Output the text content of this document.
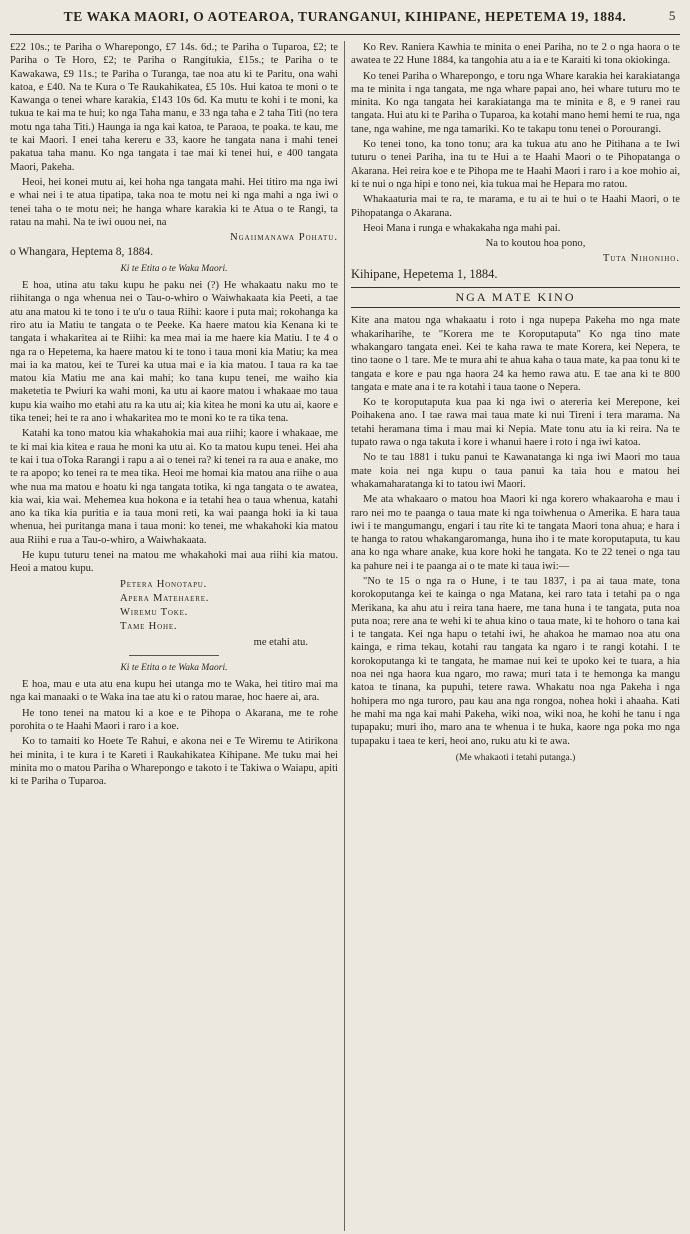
TE WAKA MAORI, O AOTEAROA, TURANGANUI, KIHIPANE, HEPETEMA 19, 1884.	5

£22 10s.; te Pariha o Wharepongo, £7 14s. 6d.; te Pariha o Tuparoa, £2; te Pariha o Te Horo, £2; te Pariha o Rangitukia, £15s.; te Pariha o te Kawakawa, £9 11s.; te Pariha o Turanga, tae noa atu ki te Paritu, ona wahi katoa, e £40. Na te Kura o Te Raukahikatea, £5 10s. Hui katoa te moni o te Kawanga o tenei whare karakia, £143 10s 6d. Ka mutu te kohi i te moni, ka tukua te kai ma te hui; ko nga Taha manu, e 33 nga taha e 2 taha Titi (no tera motu nga taha Titi.) Haunga ia nga kai katoa, te Paraoa, te poaka. te kau, me te kai Maori. I enei taha kereru e 33, kaore he tangata nana i mahi tenei pakatua taha manu. Ko nga tangata i tae mai ki tenei hui, e 400 tangata Maori, Pakeha.

Heoi, hei konei mutu ai, kei hoha nga tangata mahi. Hei titiro ma nga iwi e whai nei i te atua tipatipa, taka noa te motu nei ki nga mahi a nga iwi o tenei taha o te motu nei; he hanga whare karakia ki te Atua o te Rangi, ta ratau na mahi. Na te iwi ouou nei, na

Ngaiimanawa Pohatu.

o Whangara, Heptema 8, 1884.

Ki te Etita o te Waka Maori.

E hoa, utina atu taku kupu he paku nei (?) He whakaatu naku mo te riihitanga o nga whenua nei o Tau-o-whiro o Waiwhakaata kia Peeti, a tae atu ana matou ki te tono i te u'u o taua Riihi: kaore i puta mai; rokohanga ka riro atu ia Matiu te tangata o te Peeke. Ka haere matou kia Kenana ki te tangata i whakaritea ai te Riihi: ka mea mai ia me haere kia Matiu. I te 4 o nga ra o Hepetema, ka haere matou ki te tono i taua moni kia Matiu; ka mea mai ia ka matou, kei te Turei ka utua mai e ia kia matou. I taua ra ka tae matou kia Matiu me ana kai mahi; ko tana kupu tenei, me waiho kia maketetia te Pwiuri ka wahi moni, ka utu ai kaore matou i whakaae mo taua kupu kia waiho mo etahi atu ra ka utu ai; kia kitea he moni ka utu ai, kaore e tika tenei; hei te ra ano i whakaritea mo te moni ko te ra tika tena.

Katahi ka tono matou kia whakahokia mai aua riihi; kaore i whakaae, me te ki mai kia kitea e raua he moni ka utu ai. Ko ta matou kupu tenei. Hei aha te kai i tua oToka Rarangi i rapu a ai o tenei ra? ki tenei ra ra aua e anake, mo te ra apopo; ko tenei ra te mea tika. Heoi me homai kia matou ana riihe o aua whe nua ma matou e hoatu ki nga tangata totika, ki nga tangata o te awatea, kia wai, kia wai. Mehemea kua hokona e ia tetahi hea o taua whenua, katahi ano ka tika kia puritia e ia taua moni reti, ka wai paanga hoki ia ki taua whenua, hei puritanga mana i taua moni: ko tenei, me whakahoki kia matou aua Riihi e rua a Tau-o-whiro, a Waiwhakaata.

He kupu tuturu tenei na matou me whakahoki mai aua riihi kia matou. Heoi a matou kupu.

Petera Honotapu.
Apera Matehaere.
Wiremu Toke.
Tame Hohe.

me etahi atu.

Ki te Etita o te Waka Maori.

E hoa, mau e uta atu ena kupu hei utanga mo te Waka, hei titiro mai ma nga kai manaaki o te Waka ina tae atu ki o ratou marae, hoc haere ai, ara.

He tono tenei na matou ki a koe e te Pihopa o Akarana, me te rohe porohita o te Haahi Maori i raro i a koe.

Ko to tamaiti ko Hoete Te Rahui, e akona nei e Te Wiremu te Atirikona hei minita, i te kura i te Kareti i Raukahikatea Kihipane. Me tuku mai hei minita mo o matou Pariha o Wharepongo e takoto i te Takiwa o Waiapu, apiti ki te Pariha o Tuparoa.

Ko Rev. Raniera Kawhia te minita o enei Pariha, no te 2 o nga haora o te awatea te 22 Hune 1884, ka tangohia atu a ia e te Karaiti ki tona okiokinga.

Ko tenei Pariha o Wharepongo, e toru nga Whare karakia hei karakiatanga ma te minita i nga tangata, me nga whare papai ano, hei whare tuturu mo te minita. Ko nga tangata hei karakiatanga ma te minita e 8, e 9 ranei rau tangata. Hui atu ki te Pariha o Tuparoa, ka kotahi mano hemi hemi te rua, nga tane, nga wahine, me nga tamariki. Ko te takapu tonu tenei o Porourangi.

Ko tenei tono, ka tono tonu; ara ka tukua atu ano he Pitihana a te Iwi tuturu o tenei Pariha, ina tu te Hui a te Haahi Maori o te Pihopatanga o Akarana. Hei reira koe e te Pihopa me te Haahi Maori i raro i a koe mohio ai, ki te nui o nga hipi e tono nei, kia tukua mai he Hepara mo ratou.

Whakaaturia mai te ra, te marama, e tu ai te hui o te Haahi Maori, o te Pihopatanga o Akarana.

Heoi Mana i runga e whakakaha nga mahi pai.

Na to koutou hoa pono,

Tuta Nihoniho.

Kihipane, Hepetema 1, 1884.

NGA MATE KINO

Kite ana matou nga whakaatu i roto i nga nupepa Pakeha mo nga mate whakariharihe, te "Korera me te Koroputaputa" Ko nga tino mate whakangaro tangata enei. Kei te kaha rawa te mate Korera, kei Nepera, te tino taone o 1 tare. Me te mura ahi te ahua kaha o taua mate, ka paa tonu ki te tangata e kore e pau nga haora 24 ka hemo rawa atu. E tae ana ki te 800 tangata e mate ana i te ra kotahi i taua taone o Nepera.

Ko te koroputaputa kua paa ki nga iwi o atereria kei Merepone, kei Poihakena ano. I tae rawa mai taua mate ki nui Tireni i tera marama. Na tetahi heramana tima i mau mai ki Nepia. Mate tonu atu ia ki reira. Na te tupato rawa o nga takuta i kore i whanui haere i roto i nga iwi katoa.

No te tau 1881 i tuku panui te Kawanatanga ki nga iwi Maori mo taua mate koia nei nga kupu o taua panui ka taia hou e matou hei whakamaharatanga ki to tatou iwi Maori.

Me ata whakaaro o matou hoa Maori ki nga korero whakaaroha e mau i raro nei mo te paanga o taua mate ki nga toiwhenua o Amerika. E hara taua iwi i te mangumangu, engari i tau rite ki te tangata Maori tona ahua; e hara i te hanga to ratou whakangaromanga, huna iho i te mate koroputaputa, tu kau ana ko nga whare anake, kua kore hoki he tangata. Ko te 22 tenei o nga tau ka pahure nei i te paanga ai o te mate ki taua iwi:—

"No te 15 o nga ra o Hune, i te tau 1837, i pa ai taua mate, tona korokoputanga kei te kainga o nga Matana, kei raro tata i tetahi pa o nga Merikana, ka ahu atu i reira tana haere, me tana huna i te tangata, puta noa puta noa; rere ana te wehi ki te ahua kino o taua mate, ki te hohoro o tana kai i te tangata. Kei nga hapu o tetahi iwi, he ahakoa he mamao noa atu ona kainga, e rima tekau, kotahi rau tangata ka ngaro i te rangi kotahi. I te korokoputanga ki te tangata, he mamae nui kei te upoko kei te tuara, a hia noa nei nga haora kua ngaro, mo rawa; muri tata i te hemonga ka mangu katoa te tinana, ka pupuhi, tetere rawa. Whakatu noa nga Pakeha i nga hohipera mo nga turoro, pau kau ana nga rongoa, nohea hoki i ahaaha. Kati he mahi ma nga kai mahi Pakeha, wiki noa, wiki noa, he kohi he tanu i nga tupapaku; muri iho, maro ana te whenua i te huka, kaore nga poka mo nga tupapaku i taea te keri, heoi ano, ruku atu ki te awa.

(Me whakaoti i tetahi putanga.)
